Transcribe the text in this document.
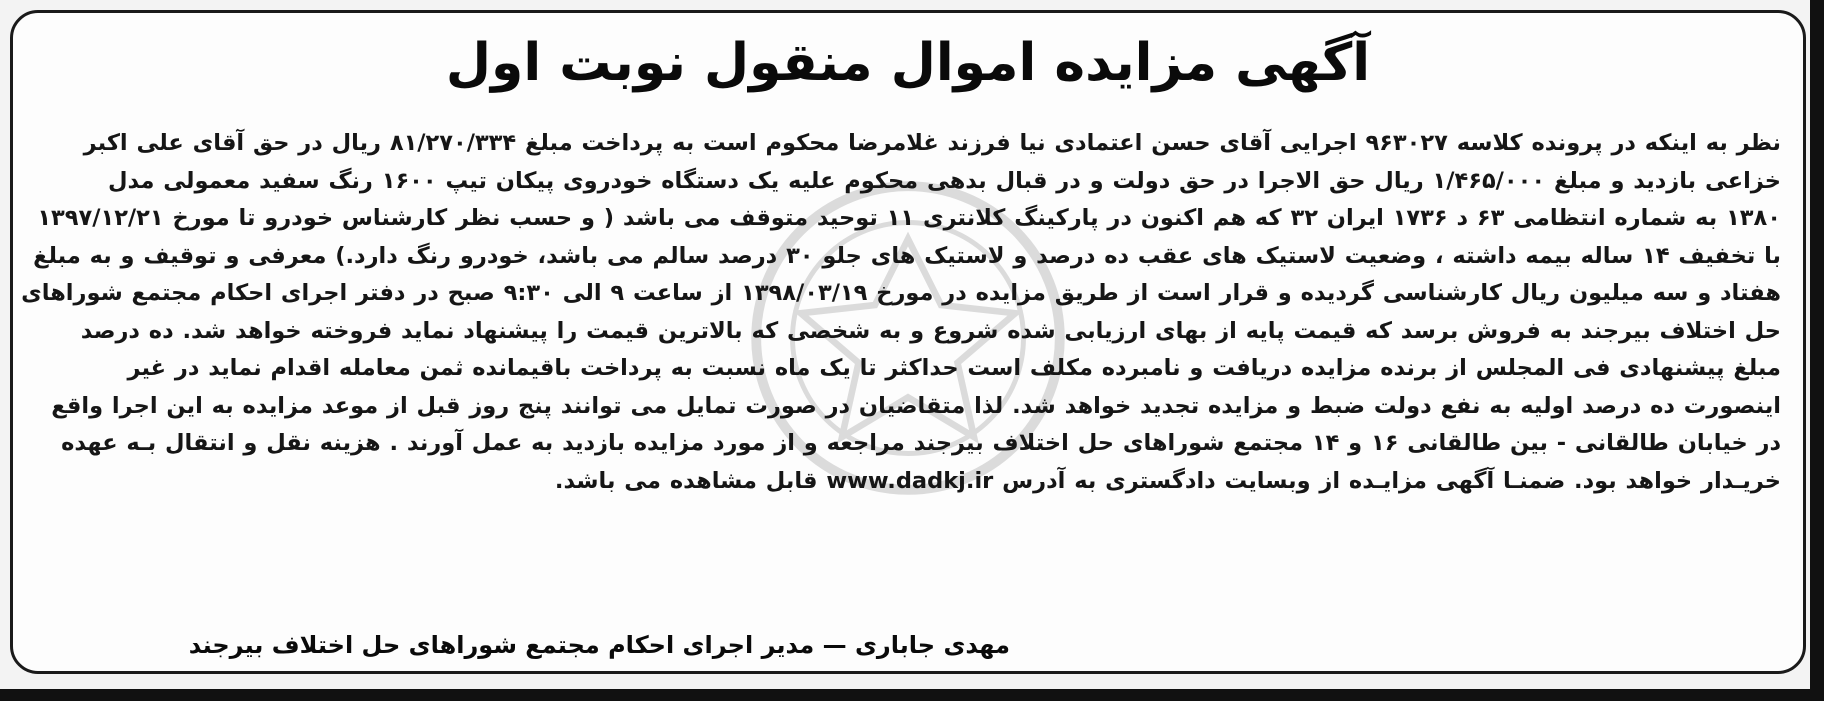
آگهی مزایده اموال منقول نوبت اول
نظر به اینکه در پرونده کلاسه ۹۶۳۰۲۷ اجرایی آقای حسن اعتمادی نیا فرزند غلامرضا محکوم است به پرداخت مبلغ ۸۱/۲۷۰/۳۳۴ ریال در حق آقای علی اکبر
خزاعی بازدید و مبلغ ۱/۴۶۵/۰۰۰ ریال حق الاجرا در حق دولت و در قبال بدهی محکوم علیه یک دستگاه خودروی پیکان تیپ ۱۶۰۰ رنگ سفید معمولی مدل
۱۳۸۰ به شماره انتظامی ۶۳ د ۱۷۳۶ ایران ۳۲ که هم اکنون در پارکینگ کلانتری ۱۱ توحید متوقف می باشد ( و حسب نظر کارشناس خودرو تا مورخ ۱۳۹۷/۱۲/۲۱
با تخفیف ۱۴ ساله بیمه داشته ، وضعیت لاستیک های عقب ده درصد و لاستیک های جلو ۳۰ درصد سالم می باشد، خودرو رنگ دارد.) معرفی و توقیف و به مبلغ
هفتاد و سه میلیون ریال کارشناسی گردیده و قرار است از طریق مزایده در مورخ ۱۳۹۸/۰۳/۱۹ از ساعت ۹ الی ۹:۳۰ صبح در دفتر اجرای احکام مجتمع شوراهای
حل اختلاف بیرجند به فروش برسد که قیمت پایه از بهای ارزیابی شده شروع و به شخصی که بالاترین قیمت را پیشنهاد نماید فروخته خواهد شد. ده درصد
مبلغ پیشنهادی فی المجلس از برنده مزایده دریافت و نامبرده مکلف است حداکثر تا یک ماه نسبت به پرداخت باقیمانده ثمن معامله اقدام نماید در غیر
اینصورت ده درصد اولیه به نفع دولت ضبط و مزایده تجدید خواهد شد. لذا متقاضیان در صورت تمایل می توانند پنج روز قبل از موعد مزایده به این اجرا واقع
در خیابان طالقانی - بین طالقانی ۱۶ و ۱۴ مجتمع شوراهای حل اختلاف بیرجند مراجعه و از مورد مزایده بازدید به عمل آورند . هزینه نقل و انتقال بـه عهده
خریـدار خواهد بود. ضمنـا آگهی مزایـده از وبسایت دادگستری به آدرس www.dadkj.ir قابل مشاهده می باشد.
مهدی جاباری — مدیر اجرای احکام مجتمع شوراهای حل اختلاف بیرجند
